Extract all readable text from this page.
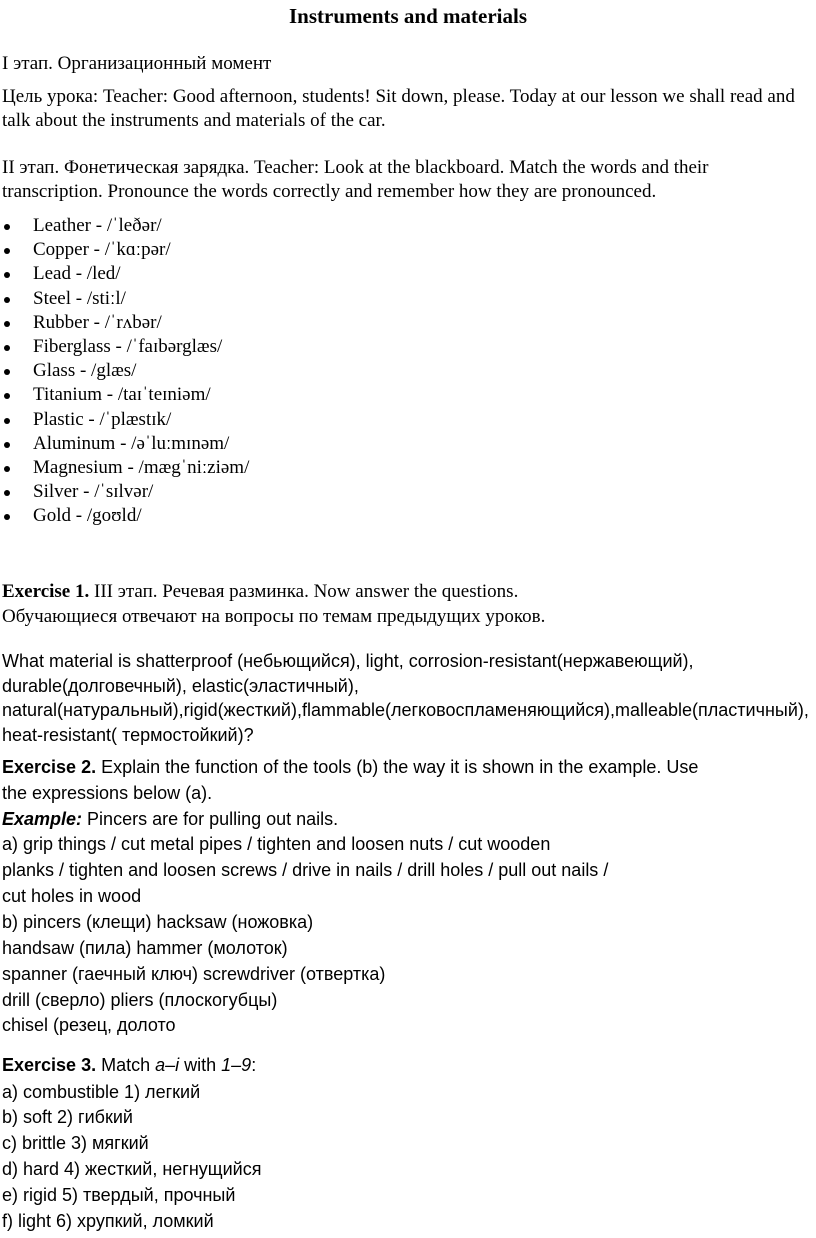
Instruments and materials

I этап. Организационный момент

Цель урока: Teacher: Good afternoon, students! Sit down, please. Today at our lesson we shall read and talk about the instruments and materials of the car.

II этап. Фонетическая зарядка. Teacher: Look at the blackboard. Match the words and their transcription. Pronounce the words correctly and remember how they are pronounced.

Leather - /ˈleðər/
Copper - /ˈkɑːpər/
Lead - /led/
Steel - /stiːl/
Rubber - /ˈrʌbər/
Fiberglass - /ˈfaɪbərglæs/
Glass - /glæs/
Titanium - /taɪˈteɪniəm/
Plastic - /ˈplæstɪk/
Aluminum - /əˈluːmɪnəm/
Magnesium - /mægˈniːziəm/
Silver - /ˈsɪlvər/
Gold - /goʊld/
Exercise 1. III этап. Речевая разминка. Now answer the questions.
Обучающиеся отвечают на вопросы по темам предыдущих уроков.

What material is shatterproof (небьющийся), light, corrosion-resistant(нержавеющий), durable(долговечный), elastic(эластичный), natural(натуральный),rigid(жесткий),flammable(легковоспламеняющийся),malleable(пластичный), heat-resistant( термостойкий)?

Exercise 2. Explain the function of the tools (b) the way it is shown in the example. Use
the expressions below (a).
Example: Pincers are for pulling out nails.
a) grip things / cut metal pipes / tighten and loosen nuts / cut wooden
planks / tighten and loosen screws / drive in nails / drill holes / pull out nails /
cut holes in wood
b) pincers (клещи) hacksaw (ножовка)
handsaw (пила) hammer (молоток)
spanner (гаечный ключ) screwdriver (отвертка)
drill (сверло) pliers (плоскогубцы)
chisel (резец, долото
Exercise 3. Match a–i with 1–9:
a) combustible 1) легкий
b) soft 2) гибкий
c) brittle 3) мягкий
d) hard 4) жесткий, негнущийся
e) rigid 5) твердый, прочный
f) light 6) хрупкий, ломкий
